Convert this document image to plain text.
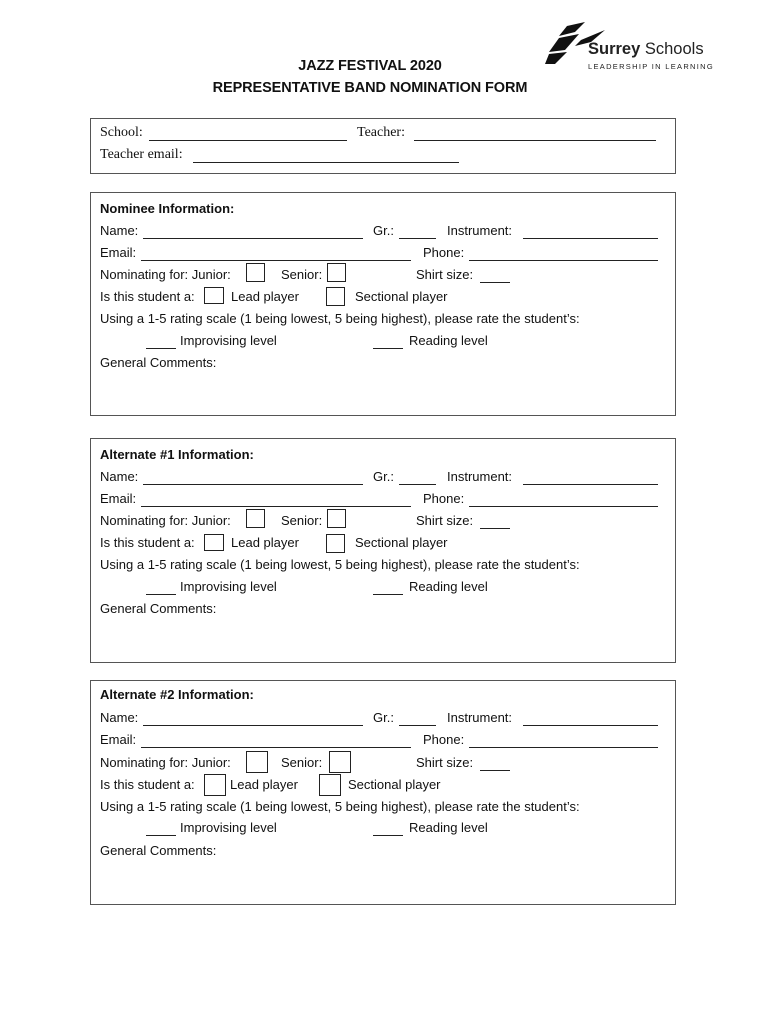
JAZZ FESTIVAL 2020
REPRESENTATIVE BAND NOMINATION FORM
Surrey Schools
LEADERSHIP IN LEARNING
School:	Teacher:
Teacher email:
Nominee Information:
Name:	Gr.:	Instrument:
Email:	Phone:
Nominating for: Junior:	Senior:	Shirt size:
Is this student a:	Lead player	Sectional player
Using a 1-5 rating scale (1 being lowest, 5 being highest), please rate the student’s:
Improvising level	Reading level
General Comments:
Alternate #1 Information:
Name:	Gr.:	Instrument:
Email:	Phone:
Nominating for: Junior:	Senior:	Shirt size:
Is this student a:	Lead player	Sectional player
Using a 1-5 rating scale (1 being lowest, 5 being highest), please rate the student’s:
Improvising level	Reading level
General Comments:
Alternate #2 Information:
Name:	Gr.:	Instrument:
Email:	Phone:
Nominating for: Junior:	Senior:	Shirt size:
Is this student a:	Lead player	Sectional player
Using a 1-5 rating scale (1 being lowest, 5 being highest), please rate the student’s:
Improvising level	Reading level
General Comments:
